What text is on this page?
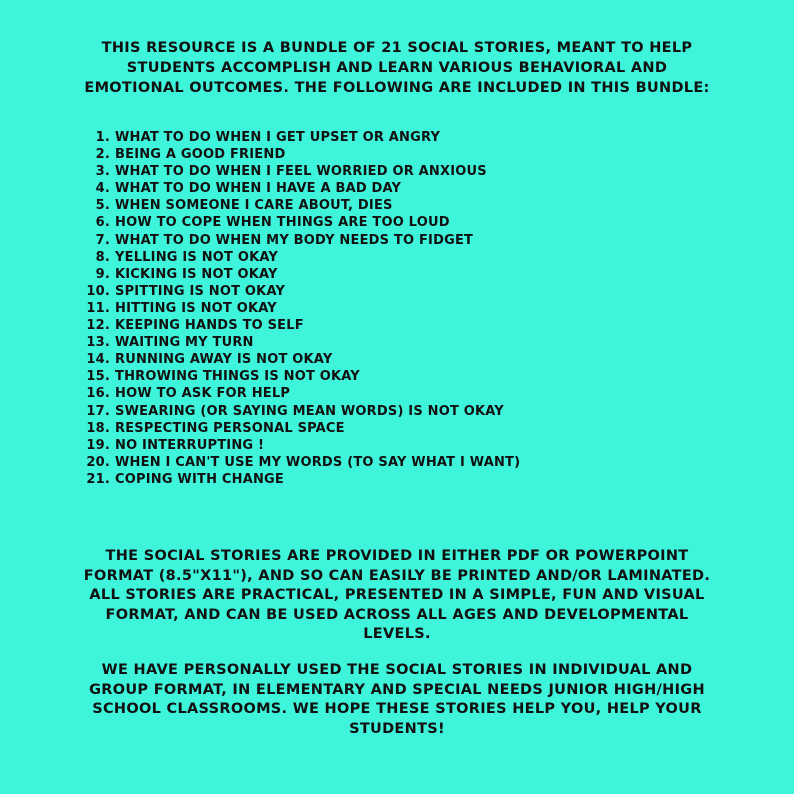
THIS RESOURCE IS A BUNDLE OF 21 SOCIAL STORIES, MEANT TO HELP STUDENTS ACCOMPLISH AND LEARN VARIOUS BEHAVIORAL AND EMOTIONAL OUTCOMES. THE FOLLOWING ARE INCLUDED IN THIS BUNDLE:
1. WHAT TO DO WHEN I GET UPSET OR ANGRY
2. BEING A GOOD FRIEND
3. WHAT TO DO WHEN I FEEL WORRIED OR ANXIOUS
4. WHAT TO DO WHEN I HAVE A BAD DAY
5. WHEN SOMEONE I CARE ABOUT, DIES
6. HOW TO COPE WHEN THINGS ARE TOO LOUD
7. WHAT TO DO WHEN MY BODY NEEDS TO FIDGET
8. YELLING IS NOT OKAY
9. KICKING IS NOT OKAY
10. SPITTING IS NOT OKAY
11. HITTING IS NOT OKAY
12. KEEPING HANDS TO SELF
13. WAITING MY TURN
14. RUNNING AWAY IS NOT OKAY
15. THROWING THINGS IS NOT OKAY
16. HOW TO ASK FOR HELP
17. SWEARING (OR SAYING MEAN WORDS) IS NOT OKAY
18. RESPECTING PERSONAL SPACE
19. NO INTERRUPTING !
20. WHEN I CAN'T USE MY WORDS (TO SAY WHAT I WANT)
21. COPING WITH CHANGE
THE SOCIAL STORIES ARE PROVIDED IN EITHER PDF OR POWERPOINT FORMAT (8.5"X11"), AND SO CAN EASILY BE PRINTED AND/OR LAMINATED. ALL STORIES ARE PRACTICAL, PRESENTED IN A SIMPLE, FUN AND VISUAL FORMAT, AND CAN BE USED ACROSS ALL AGES AND DEVELOPMENTAL LEVELS.
WE HAVE PERSONALLY USED THE SOCIAL STORIES IN INDIVIDUAL AND GROUP FORMAT, IN ELEMENTARY AND SPECIAL NEEDS JUNIOR HIGH/HIGH SCHOOL CLASSROOMS. WE HOPE THESE STORIES HELP YOU, HELP YOUR STUDENTS!
